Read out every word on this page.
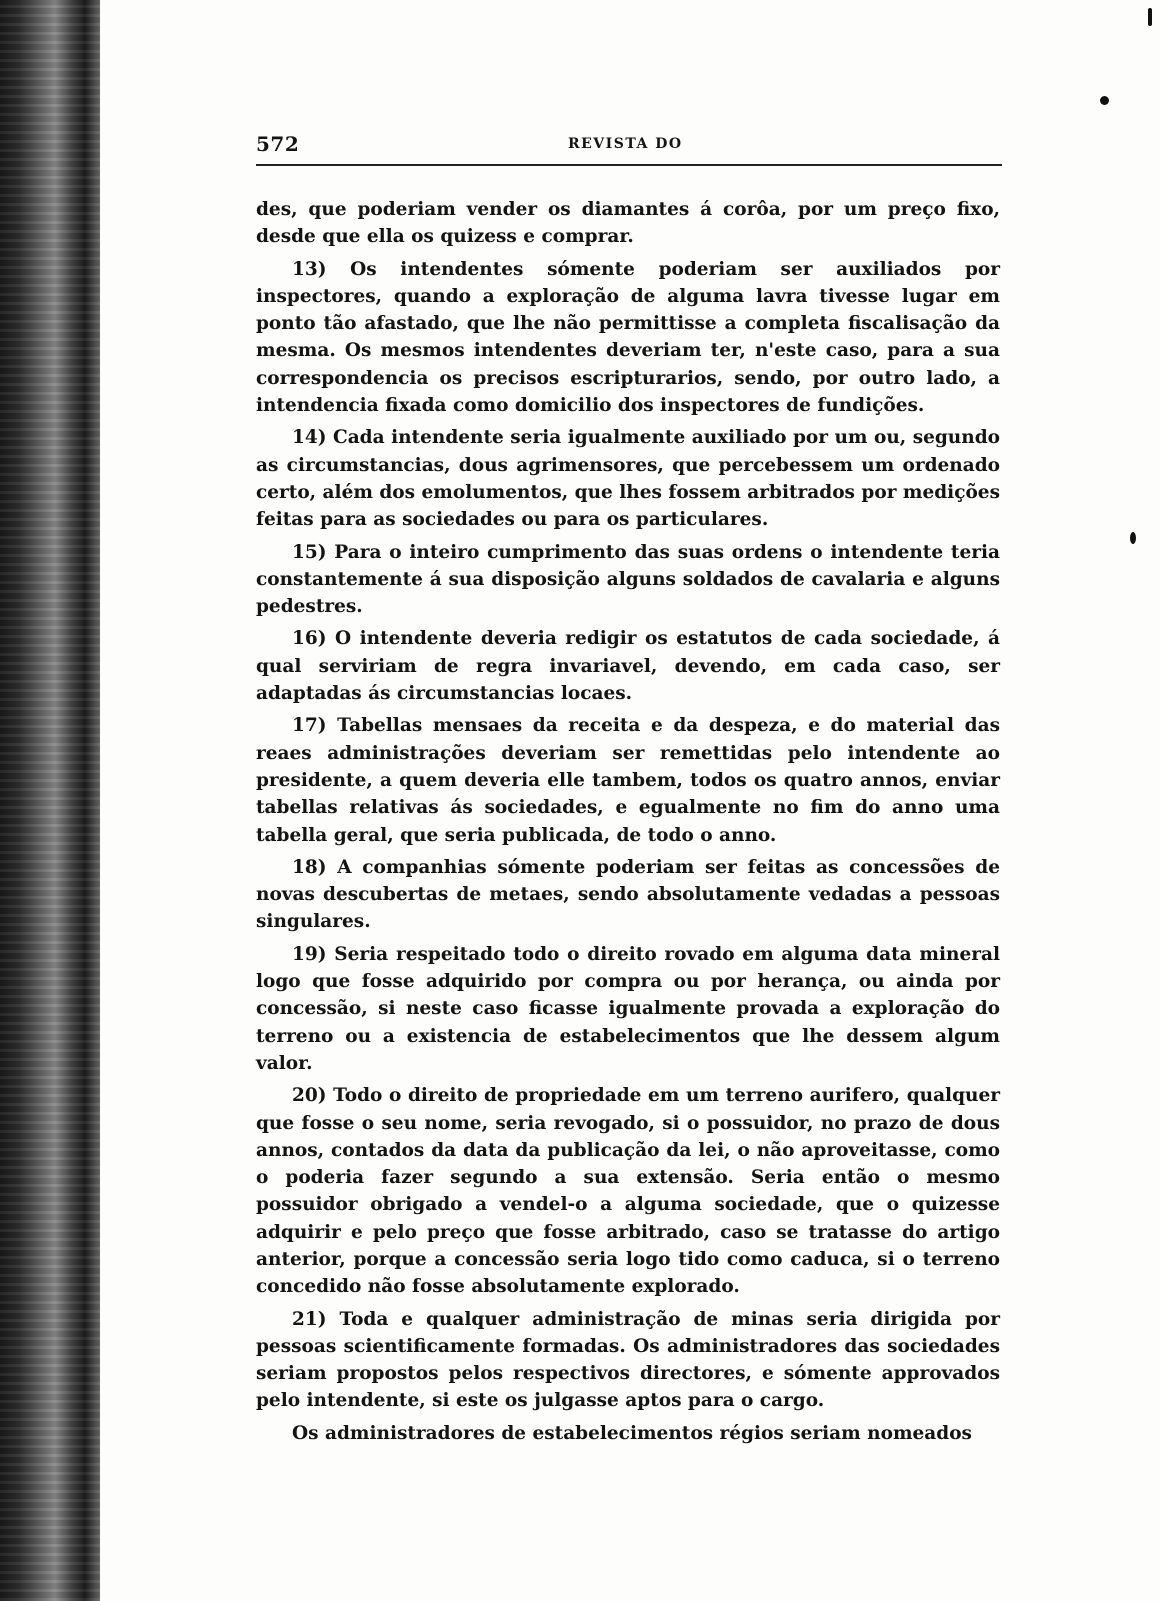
572	REVISTA DO

des, que poderiam vender os diamantes á corôa, por um preço fixo, desde que ella os quizess e comprar.

13) Os intendentes sómente poderiam ser auxiliados por inspectores, quando a exploração de alguma lavra tivesse lugar em ponto tão afastado, que lhe não permittisse a completa fiscalisação da mesma. Os mesmos intendentes deveriam ter, n'este caso, para a sua correspondencia os precisos escripturarios, sendo, por outro lado, a intendencia fixada como domicilio dos inspectores de fundições.

14) Cada intendente seria igualmente auxiliado por um ou, segundo as circumstancias, dous agrimensores, que percebessem um ordenado certo, além dos emolumentos, que lhes fossem arbitrados por medições feitas para as sociedades ou para os particulares.

15) Para o inteiro cumprimento das suas ordens o intendente teria constantemente á sua disposição alguns soldados de cavalaria e alguns pedestres.

16) O intendente deveria redigir os estatutos de cada sociedade, á qual serviriam de regra invariavel, devendo, em cada caso, ser adaptadas ás circumstancias locaes.

17) Tabellas mensaes da receita e da despeza, e do material das reaes administrações deveriam ser remettidas pelo intendente ao presidente, a quem deveria elle tambem, todos os quatro annos, enviar tabellas relativas ás sociedades, e egualmente no fim do anno uma tabella geral, que seria publicada, de todo o anno.

18) A companhias sómente poderiam ser feitas as concessões de novas descubertas de metaes, sendo absolutamente vedadas a pessoas singulares.

19) Seria respeitado todo o direito rovado em alguma data mineral logo que fosse adquirido por compra ou por herança, ou ainda por concessão, si neste caso ficasse igualmente provada a exploração do terreno ou a existencia de estabelecimentos que lhe dessem algum valor.

20) Todo o direito de propriedade em um terreno aurifero, qualquer que fosse o seu nome, seria revogado, si o possuidor, no prazo de dous annos, contados da data da publicação da lei, o não aproveitasse, como o poderia fazer segundo a sua extensão. Seria então o mesmo possuidor obrigado a vendel-o a alguma sociedade, que o quizesse adquirir e pelo preço que fosse arbitrado, caso se tratasse do artigo anterior, porque a concessão seria logo tido como caduca, si o terreno concedido não fosse absolutamente explorado.

21) Toda e qualquer administração de minas seria dirigida por pessoas scientificamente formadas. Os administradores das sociedades seriam propostos pelos respectivos directores, e sómente approvados pelo intendente, si este os julgasse aptos para o cargo.

Os administradores de estabelecimentos régios seriam nomeados
